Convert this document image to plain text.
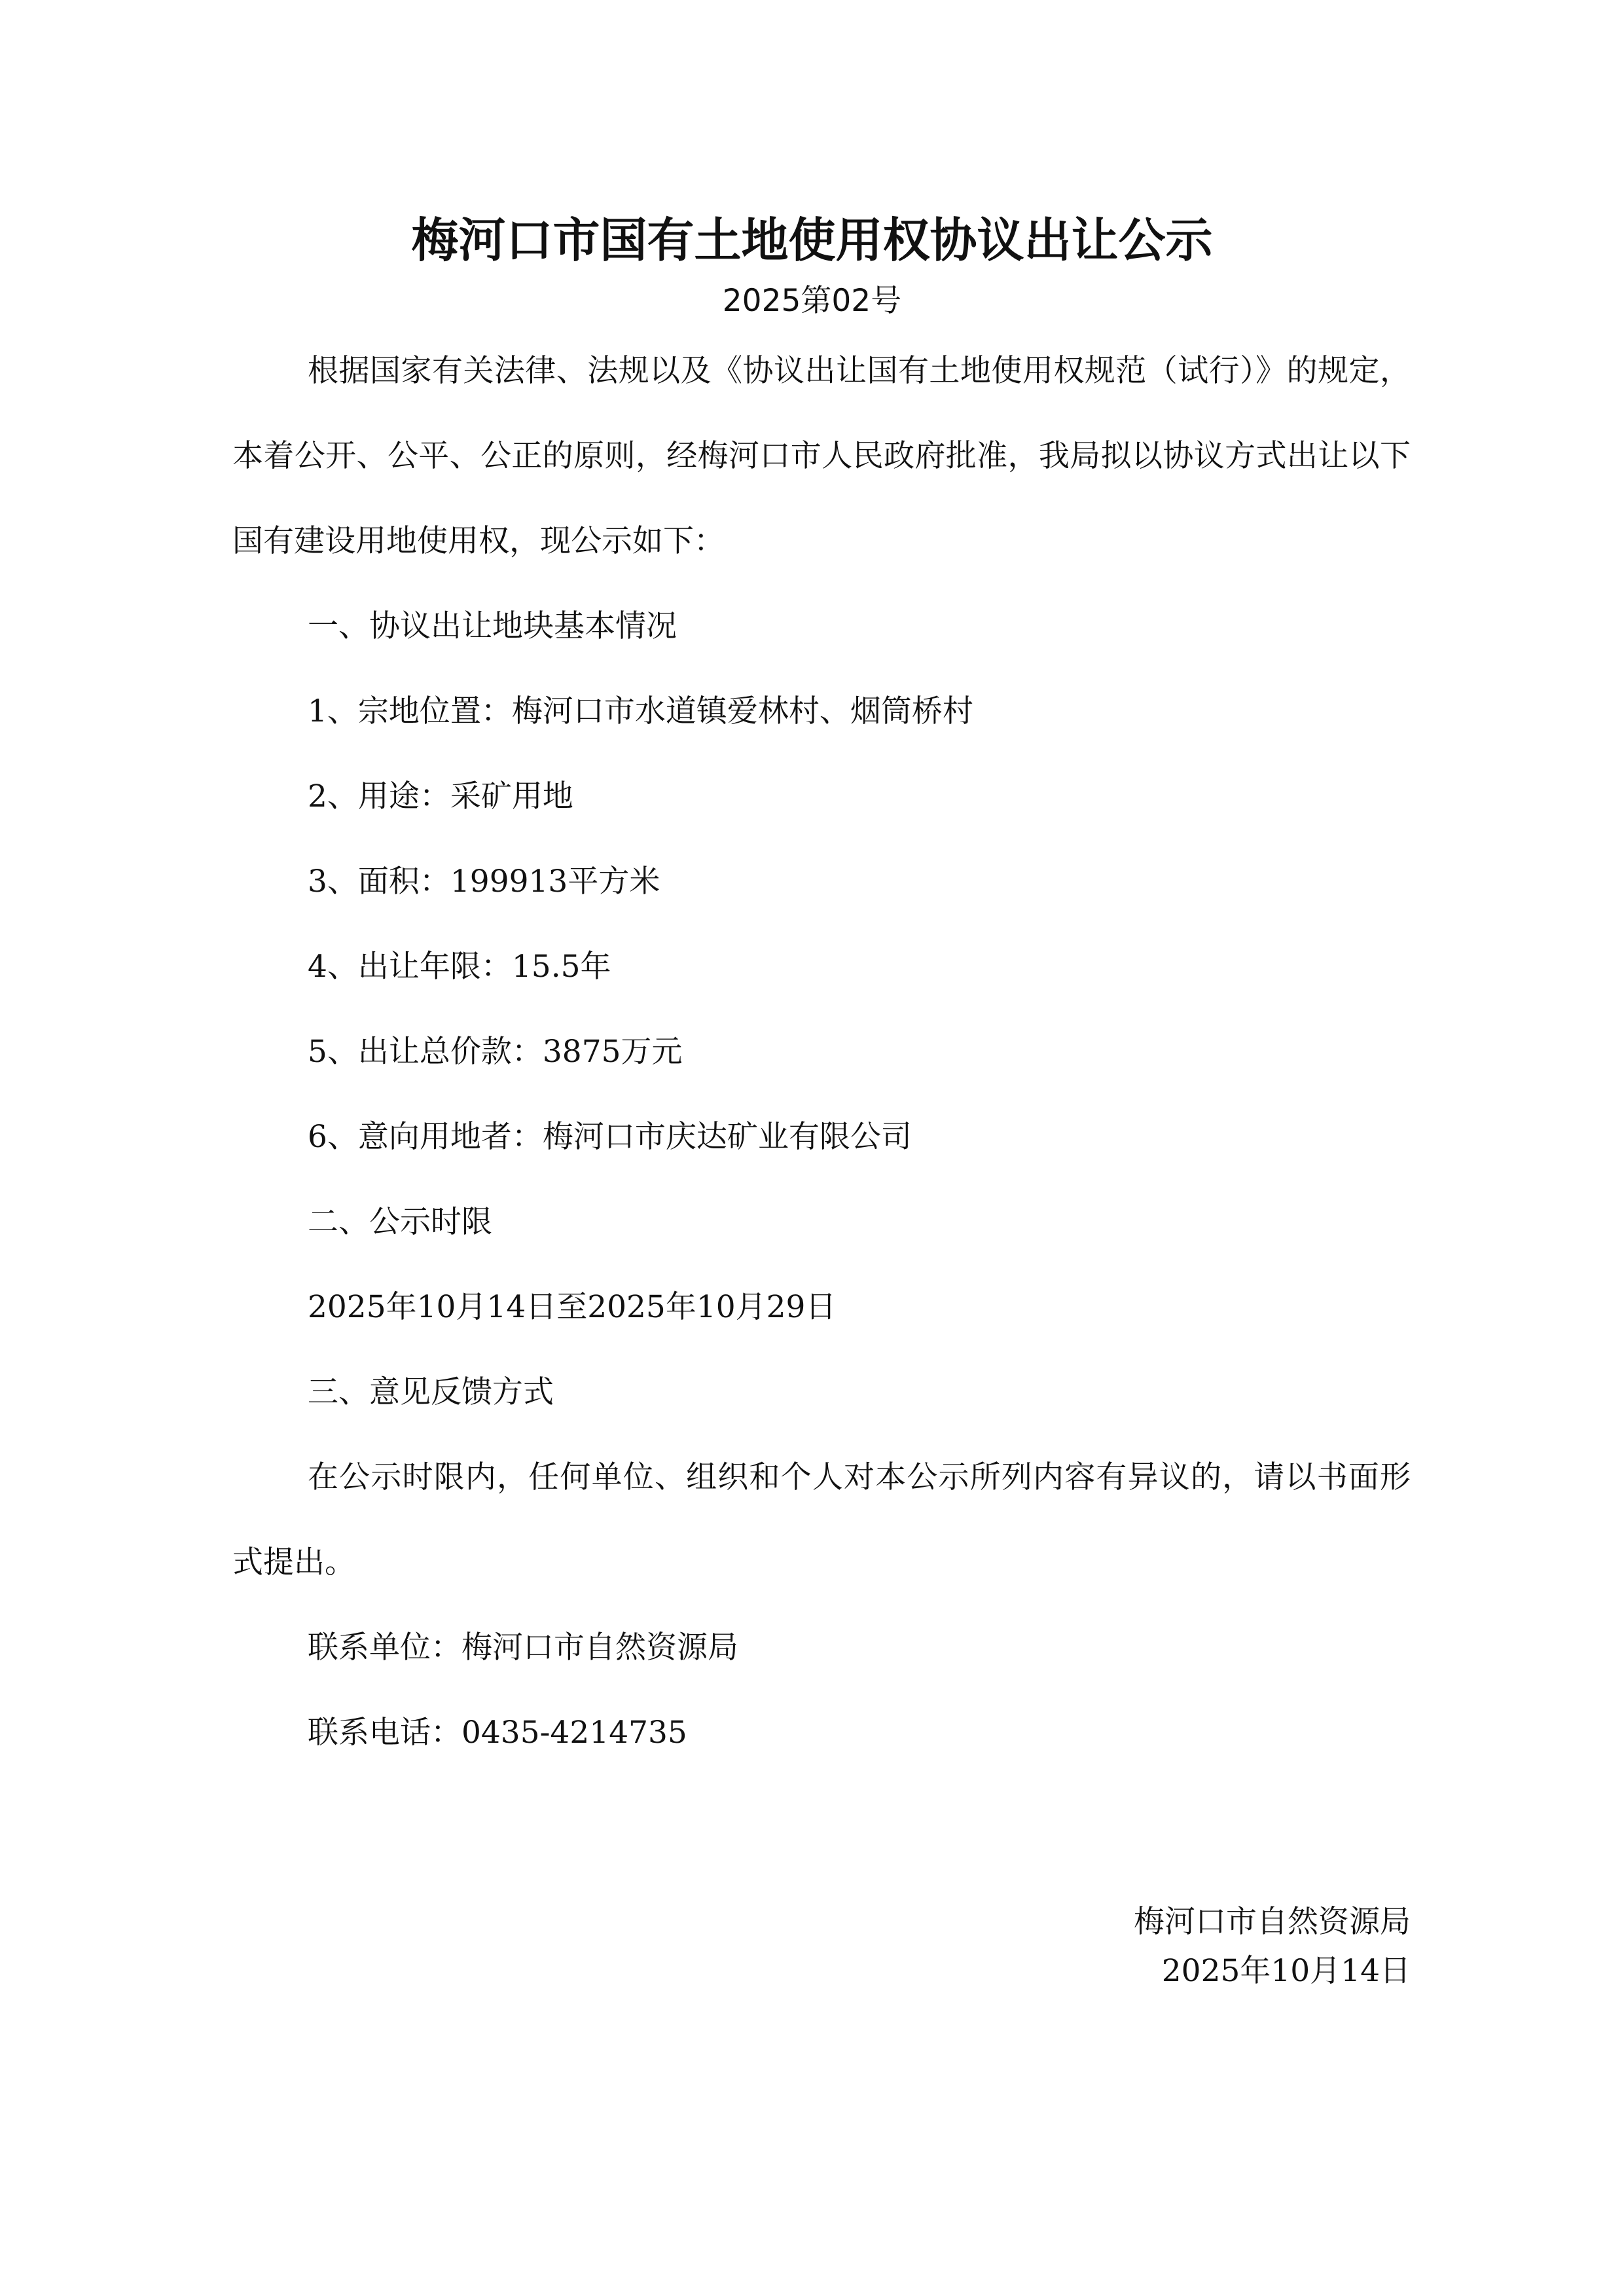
梅河口市国有土地使用权协议出让公示
2025第02号

根据国家有关法律、法规以及《协议出让国有土地使用权规范（试行）》的规定，本着公开、公平、公正的原则，经梅河口市人民政府批准，我局拟以协议方式出让以下国有建设用地使用权，现公示如下：

一、协议出让地块基本情况

1、宗地位置：梅河口市水道镇爱林村、烟筒桥村

2、用途：采矿用地

3、面积：199913平方米

4、出让年限：15.5年

5、出让总价款：3875万元

6、意向用地者：梅河口市庆达矿业有限公司

二、公示时限

2025年10月14日至2025年10月29日

三、意见反馈方式

在公示时限内，任何单位、组织和个人对本公示所列内容有异议的，请以书面形式提出。

联系单位：梅河口市自然资源局

联系电话：0435-4214735

梅河口市自然资源局
2025年10月14日
